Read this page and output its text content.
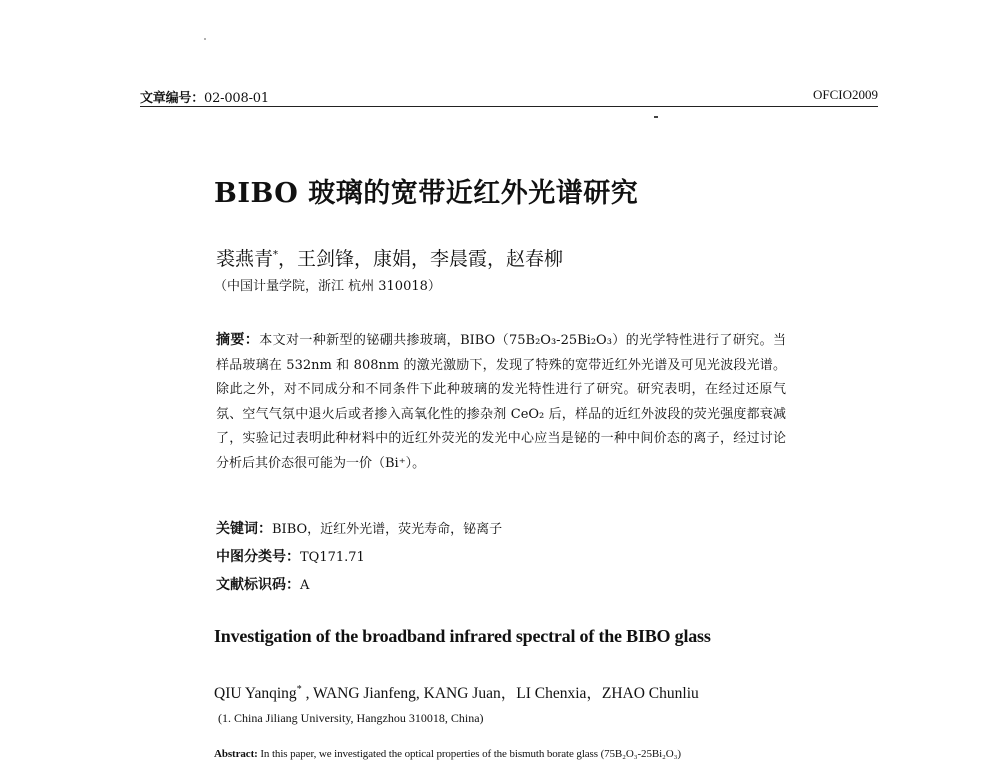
文章编号：02-008-01	OFCIO2009
BIBO 玻璃的宽带近红外光谱研究
裘燕青*，王剑锋，康娟，李晨霞，赵春柳
（中国计量学院，浙江 杭州 310018）
摘要：本文对一种新型的铋硼共掺玻璃，BIBO（75B₂O₃-25Bi₂O₃）的光学特性进行了研究。当样品玻璃在 532nm 和 808nm 的激光激励下，发现了特殊的宽带近红外光谱及可见光波段光谱。除此之外，对不同成分和不同条件下此种玻璃的发光特性进行了研究。研究表明，在经过还原气氛、空气气氛中退火后或者掺入高氧化性的掺杂剂 CeO₂ 后，样品的近红外波段的荧光强度都衰减了，实验记过表明此种材料中的近红外荧光的发光中心应当是铋的一种中间价态的离子，经过讨论分析后其价态很可能为一价（Bi⁺）。
关键词：BIBO，近红外光谱，荧光寿命，铋离子
中图分类号：TQ171.71
文献标识码：A
Investigation of the broadband infrared spectral of the BIBO glass
QIU Yanqing* , WANG Jianfeng, KANG Juan，LI Chenxia，ZHAO Chunliu
(1. China Jiliang University, Hangzhou 310018, China)
Abstract: In this paper, we investigated the optical properties of the bismuth borate glass (75B₂O₃-25Bi₂O₃)
